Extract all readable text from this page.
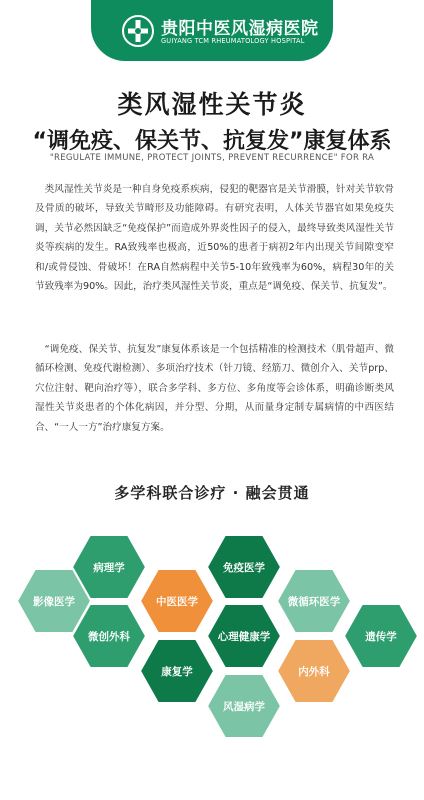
贵阳中医风湿病医院
GUIYANG TCM RHEUMATOLOGY HOSPITAL
类风湿性关节炎
“调免疫、保关节、抗复发”康复体系
"REGULATE IMMUNE, PROTECT JOINTS, PREVENT RECURRENCE" FOR RA

类风湿性关节炎是一种自身免疫系疾病，侵犯的靶器官是关节滑膜，针对关节软骨及骨质的破坏，导致关节畸形及功能障碍。有研究表明，人体关节器官如果免疫失调，关节必然因缺乏“免疫保护”而造成外界炎性因子的侵入，最终导致类风湿性关节炎等疾病的发生。RA致残率也极高，近50%的患者于病初2年内出现关节间隙变窄和/或骨侵蚀、骨破坏！在RA自然病程中关节5-10年致残率为60%，病程30年的关节致残率为90%。因此，治疗类风湿性关节炎，重点是“调免疫、保关节、抗复发”。

“调免疫、保关节、抗复发”康复体系该是一个包括精准的检测技术（肌骨超声、微循环检测、免疫代谢检测）、多项治疗技术（针刀镜、经筋刀、微创介入、关节prp、穴位注射、靶向治疗等），联合多学科、多方位、多角度等会诊体系，明确诊断类风湿性关节炎患者的个体化病因，并分型、分期，从而量身定制专属病情的中西医结合、“一人一方”治疗康复方案。

多学科联合诊疗 · 融会贯通
病理学	免疫医学
影像医学	中医医学	微循环医学
微创外科	心理健康学	遗传学
康复学	内外科
风湿病学
